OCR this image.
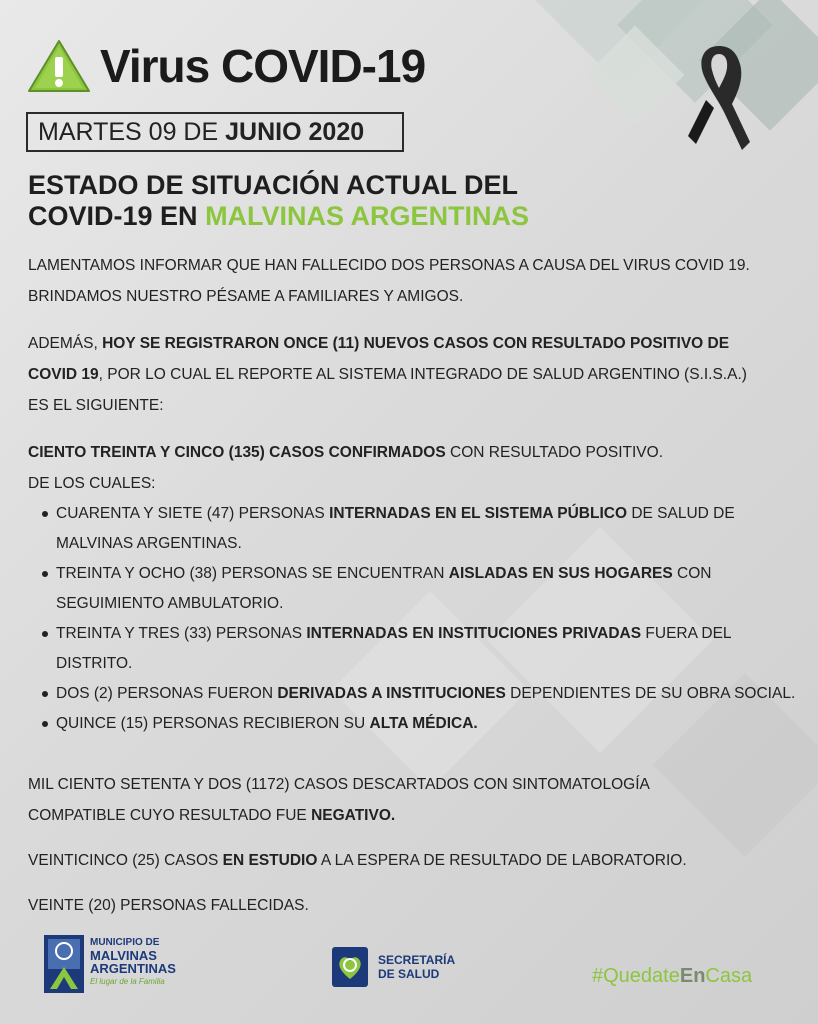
Virus COVID-19
MARTES 09 DE JUNIO 2020
ESTADO DE SITUACIÓN ACTUAL DEL
COVID-19 EN MALVINAS ARGENTINAS

LAMENTAMOS INFORMAR QUE HAN FALLECIDO DOS PERSONAS A CAUSA DEL VIRUS COVID 19.

BRINDAMOS NUESTRO PÉSAME A FAMILIARES Y AMIGOS.

ADEMÁS, HOY SE REGISTRARON ONCE (11) NUEVOS CASOS CON RESULTADO POSITIVO DE

COVID 19, POR LO CUAL EL REPORTE AL SISTEMA INTEGRADO DE SALUD ARGENTINO (S.I.S.A.)

ES EL SIGUIENTE:

CIENTO TREINTA Y CINCO (135) CASOS CONFIRMADOS CON RESULTADO POSITIVO.

DE LOS CUALES:

CUARENTA Y SIETE (47) PERSONAS INTERNADAS EN EL SISTEMA PÚBLICO DE SALUD DE
MALVINAS ARGENTINAS.
TREINTA Y OCHO (38) PERSONAS SE ENCUENTRAN AISLADAS EN SUS HOGARES CON
SEGUIMIENTO AMBULATORIO.
TREINTA Y TRES (33) PERSONAS INTERNADAS EN INSTITUCIONES PRIVADAS FUERA DEL DISTRITO.
DOS (2) PERSONAS FUERON DERIVADAS A INSTITUCIONES DEPENDIENTES DE SU OBRA SOCIAL.
QUINCE (15) PERSONAS RECIBIERON SU ALTA MÉDICA.

MIL CIENTO SETENTA Y DOS (1172) CASOS DESCARTADOS CON SINTOMATOLOGÍA

COMPATIBLE CUYO RESULTADO FUE NEGATIVO.

VEINTICINCO (25) CASOS EN ESTUDIO A LA ESPERA DE RESULTADO DE LABORATORIO.

VEINTE (20) PERSONAS FALLECIDAS.

MUNICIPIO DE
MALVINAS
ARGENTINAS
El lugar de la Familia
SECRETARÍA
DE SALUD	#QuedateEnCasa
